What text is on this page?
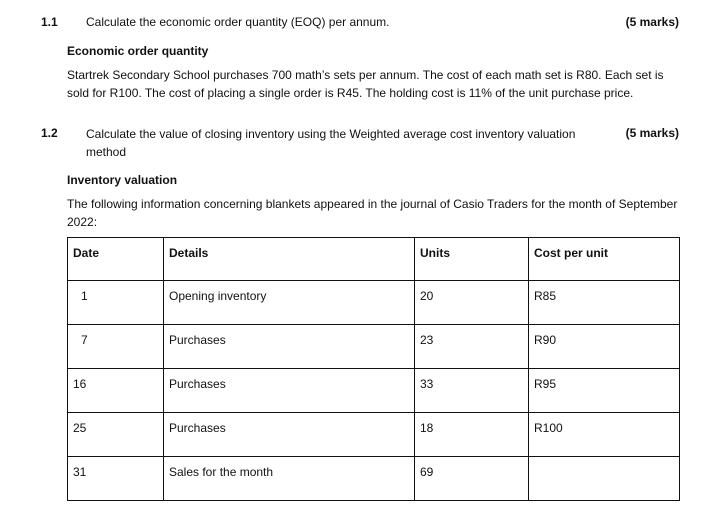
1.1 Calculate the economic order quantity (EOQ) per annum.	(5 marks)
Economic order quantity
Startrek Secondary School purchases 700 math’s sets per annum. The cost of each math set is R80. Each set is
sold for R100. The cost of placing a single order is R45. The holding cost is 11% of the unit purchase price.
1.2 Calculate the value of closing inventory using the Weighted average cost inventory valuation
method
(5 marks)
Inventory valuation
The following information concerning blankets appeared in the journal of Casio Traders for the month of September
2022:
Date	Details	Units	Cost per unit
1	Opening inventory	20	R85
7	Purchases	23	R90
16	Purchases	33	R95
25	Purchases	18	R100
31	Sales for the month	69	
